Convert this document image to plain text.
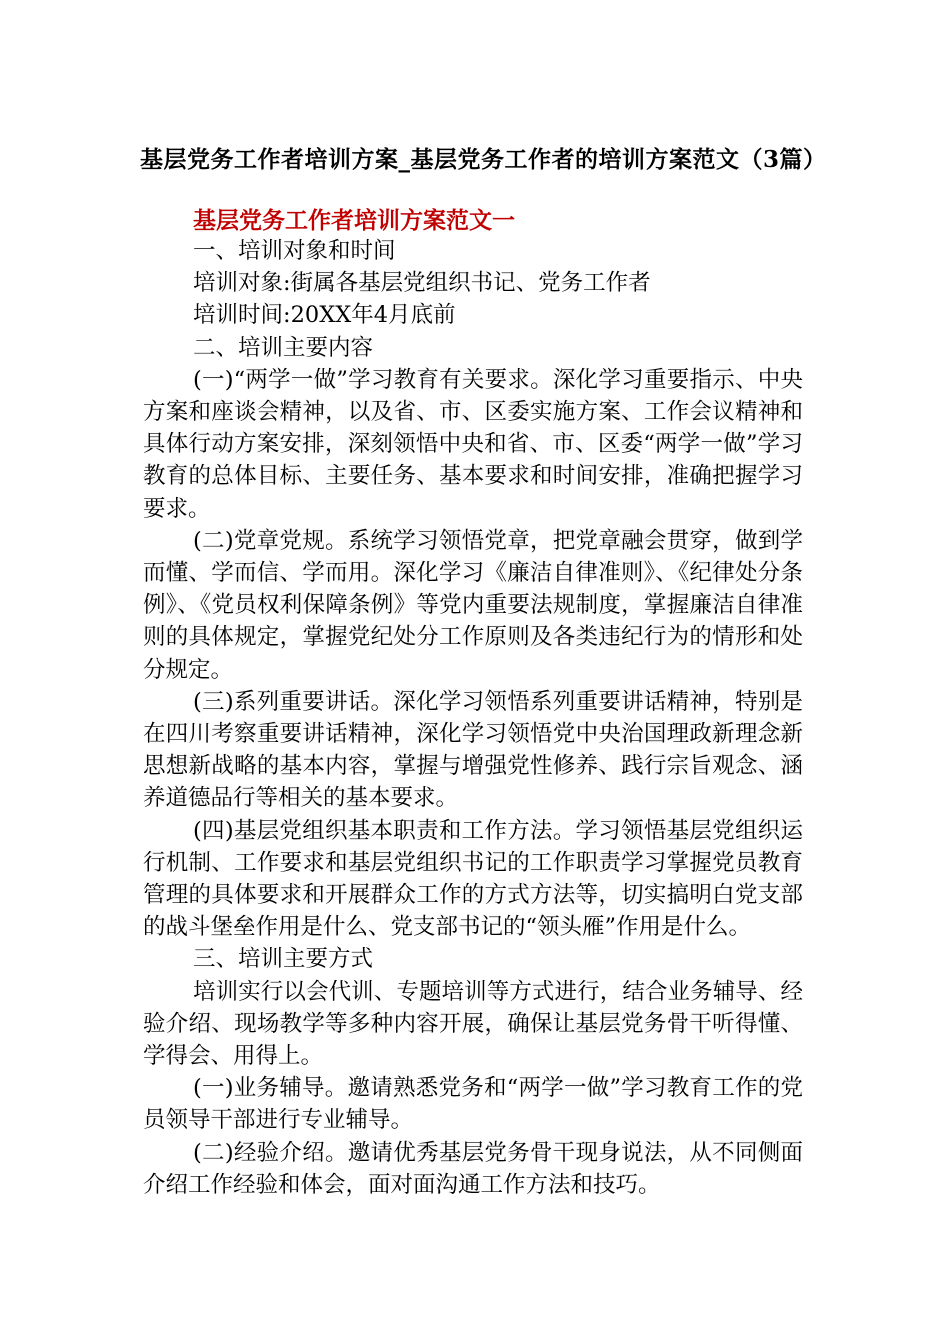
基层党务工作者培训方案_基层党务工作者的培训方案范文（3篇）
基层党务工作者培训方案范文一

一、培训对象和时间

培训对象:街属各基层党组织书记、党务工作者

培训时间:20XX年4月底前

二、培训主要内容

(一)“两学一做”学习教育有关要求。深化学习重要指示、中央方案和座谈会精神，以及省、市、区委实施方案、工作会议精神和具体行动方案安排，深刻领悟中央和省、市、区委“两学一做”学习教育的总体目标、主要任务、基本要求和时间安排，准确把握学习要求。

(二)党章党规。系统学习领悟党章，把党章融会贯穿，做到学而懂、学而信、学而用。深化学习《廉洁自律准则》、《纪律处分条例》、《党员权利保障条例》等党内重要法规制度，掌握廉洁自律准则的具体规定，掌握党纪处分工作原则及各类违纪行为的情形和处分规定。

(三)系列重要讲话。深化学习领悟系列重要讲话精神，特别是在四川考察重要讲话精神，深化学习领悟党中央治国理政新理念新思想新战略的基本内容，掌握与增强党性修养、践行宗旨观念、涵养道德品行等相关的基本要求。

(四)基层党组织基本职责和工作方法。学习领悟基层党组织运行机制、工作要求和基层党组织书记的工作职责学习掌握党员教育管理的具体要求和开展群众工作的方式方法等，切实搞明白党支部的战斗堡垒作用是什么、党支部书记的“领头雁”作用是什么。

三、培训主要方式

培训实行以会代训、专题培训等方式进行，结合业务辅导、经验介绍、现场教学等多种内容开展，确保让基层党务骨干听得懂、学得会、用得上。

(一)业务辅导。邀请熟悉党务和“两学一做”学习教育工作的党员领导干部进行专业辅导。

(二)经验介绍。邀请优秀基层党务骨干现身说法，从不同侧面介绍工作经验和体会，面对面沟通工作方法和技巧。
